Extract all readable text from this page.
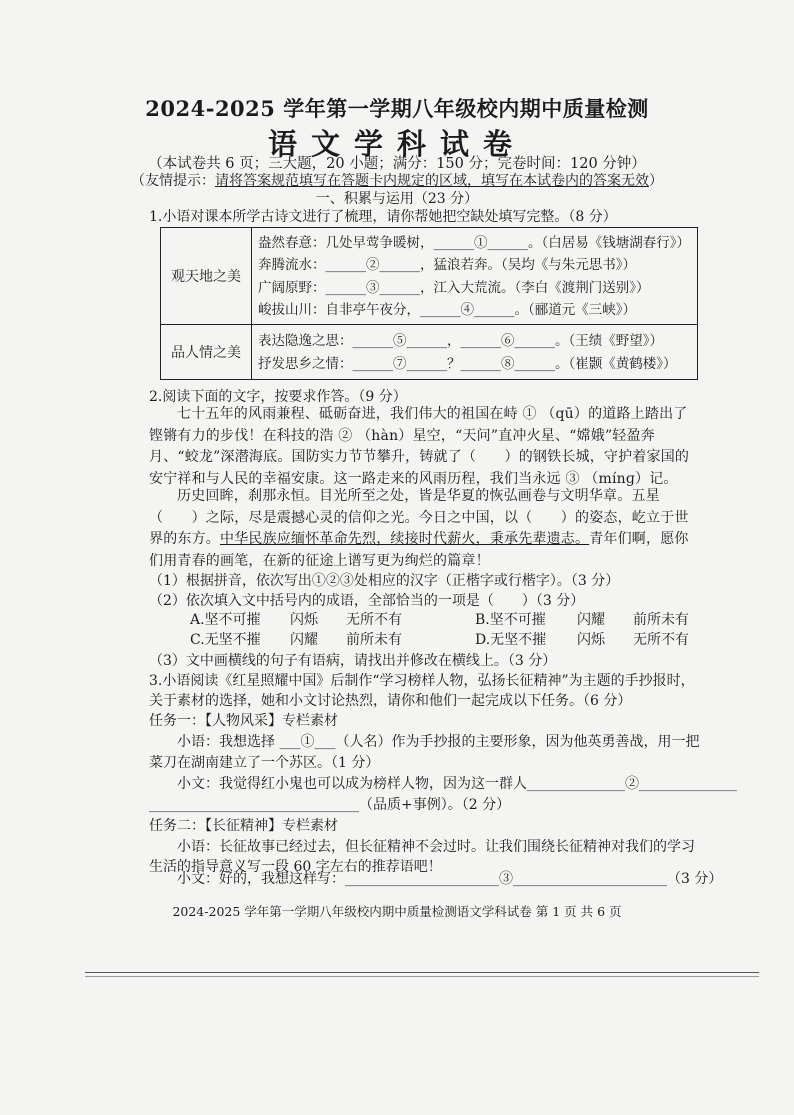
2024-2025 学年第一学期八年级校内期中质量检测
语文学科试卷
（本试卷共 6 页；三大题，20 小题；满分：150 分；完卷时间：120 分钟）
（友情提示：请将答案规范填写在答题卡内规定的区域，填写在本试卷内的答案无效）
一、积累与运用（23 分）
1.小语对课本所学古诗文进行了梳理，请你帮她把空缺处填写完整。（8 分）
观天地之美	盎然春意：几处早莺争暖树，______①______。（白居易《钱塘湖春行》）
奔腾流水：______②______，猛浪若奔。（吴均《与朱元思书》）
广阔原野：______③______，江入大荒流。（李白《渡荆门送别》）
峻拔山川：自非亭午夜分，______④______。（郦道元《三峡》）

品人情之美	表达隐逸之思：______⑤______，______⑥______。（王绩《野望》）
抒发思乡之情：______⑦______？______⑧______。（崔颢《黄鹤楼》）
2.阅读下面的文字，按要求作答。（9 分）
七十五年的风雨兼程、砥砺奋进，我们伟大的祖国在峙 ① （qū）的道路上踏出了铿锵有力的步伐！在科技的浩 ② （hàn）星空，“天问”直冲火星、“嫦娥”轻盈奔月、“蛟龙”深潜海底。国防实力节节攀升，铸就了（　　）的钢铁长城，守护着家国的安宁祥和与人民的幸福安康。这一路走来的风雨历程，我们当永远 ③ （mínɡ）记。
历史回眸，刹那永恒。目光所至之处，皆是华夏的恢弘画卷与文明华章。五星（　　）之际，尽是震撼心灵的信仰之光。今日之中国，以（　　）的姿态，屹立于世界的东方。中华民族应缅怀革命先烈，续接时代薪火，秉承先辈遗志。青年们啊，愿你们用青春的画笔，在新的征途上谱写更为绚烂的篇章！
（1）根据拼音，依次写出①②③处相应的汉字（正楷字或行楷字）。（3 分）
（2）依次填入文中括号内的成语，全部恰当的一项是（　　）（3 分）
A.坚不可摧 闪烁 无所不有	B.坚不可摧 闪耀 前所未有
C.无坚不摧 闪耀 前所未有	D.无坚不摧 闪烁 无所不有
（3）文中画横线的句子有语病，请找出并修改在横线上。（3 分）
3.小语阅读《红星照耀中国》后制作“学习榜样人物，弘扬长征精神”为主题的手抄报时，
关于素材的选择，她和小文讨论热烈，请你和他们一起完成以下任务。（6 分）
任务一：【人物风采】专栏素材
小语：我想选择 ___①___（人名）作为手抄报的主要形象，因为他英勇善战，用一把
菜刀在湖南建立了一个苏区。（1 分）
小文：我觉得红小鬼也可以成为榜样人物，因为这一群人______________②______________
______________________________（品质+事例）。（2 分）
任务二：【长征精神】专栏素材
小语：长征故事已经过去，但长征精神不会过时。让我们围绕长征精神对我们的学习
生活的指导意义写一段 60 字左右的推荐语吧！
小文：好的，我想这样写：______________________③______________________（3 分）
2024-2025 学年第一学期八年级校内期中质量检测语文学科试卷 第 1 页 共 6 页
